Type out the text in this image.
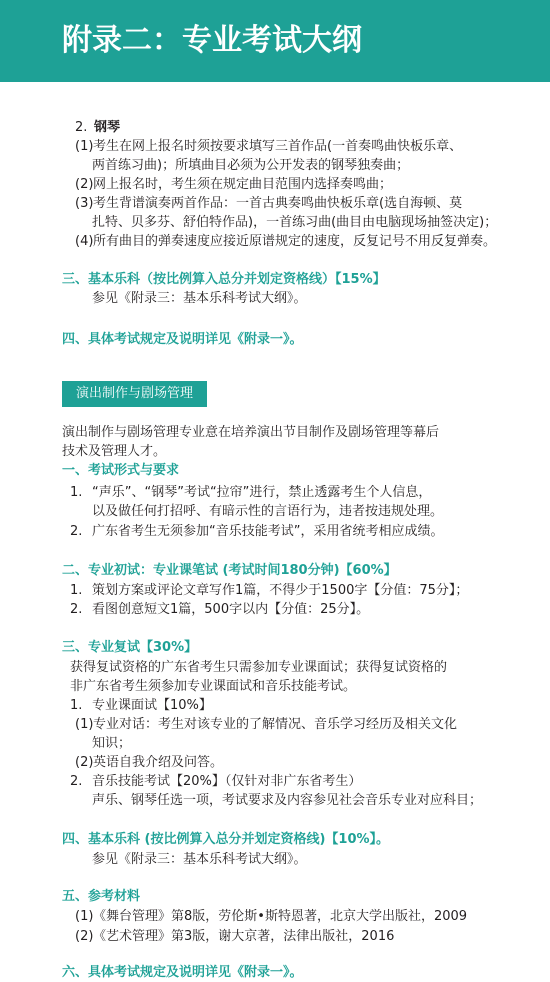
附录二：专业考试大纲
2. 钢琴
(1)考生在网上报名时须按要求填写三首作品(一首奏鸣曲快板乐章、
两首练习曲)；所填曲目必须为公开发表的钢琴独奏曲；
(2)网上报名时，考生须在规定曲目范围内选择奏鸣曲；
(3)考生背谱演奏两首作品：一首古典奏鸣曲快板乐章(选自海顿、莫
扎特、贝多芬、舒伯特作品)，一首练习曲(曲目由电脑现场抽签决定)；
(4)所有曲目的弹奏速度应接近原谱规定的速度，反复记号不用反复弹奏。
三、基本乐科（按比例算入总分并划定资格线）【15%】
参见《附录三：基本乐科考试大纲》。
四、具体考试规定及说明详见《附录一》。
演出制作与剧场管理
演出制作与剧场管理专业意在培养演出节目制作及剧场管理等幕后
技术及管理人才。
一、考试形式与要求
1. “声乐”、“钢琴”考试“拉帘”进行，禁止透露考生个人信息，
以及做任何打招呼、有暗示性的言语行为，违者按违规处理。
2. 广东省考生无须参加“音乐技能考试”，采用省统考相应成绩。
二、专业初试：专业课笔试 (考试时间180分钟)【60%】
1. 策划方案或评论文章写作1篇，不得少于1500字【分值：75分】；
2. 看图创意短文1篇，500字以内【分值：25分】。
三、专业复试【30%】
获得复试资格的广东省考生只需参加专业课面试；获得复试资格的
非广东省考生须参加专业课面试和音乐技能考试。
1. 专业课面试【10%】
(1)专业对话：考生对该专业的了解情况、音乐学习经历及相关文化
知识；
(2)英语自我介绍及问答。
2. 音乐技能考试【20%】（仅针对非广东省考生）
声乐、钢琴任选一项，考试要求及内容参见社会音乐专业对应科目；
四、基本乐科 (按比例算入总分并划定资格线)【10%】。
参见《附录三：基本乐科考试大纲》。
五、参考材料
(1)《舞台管理》第8版，劳伦斯•斯特恩著，北京大学出版社，2009
(2)《艺术管理》第3版，谢大京著，法律出版社，2016
六、具体考试规定及说明详见《附录一》。
